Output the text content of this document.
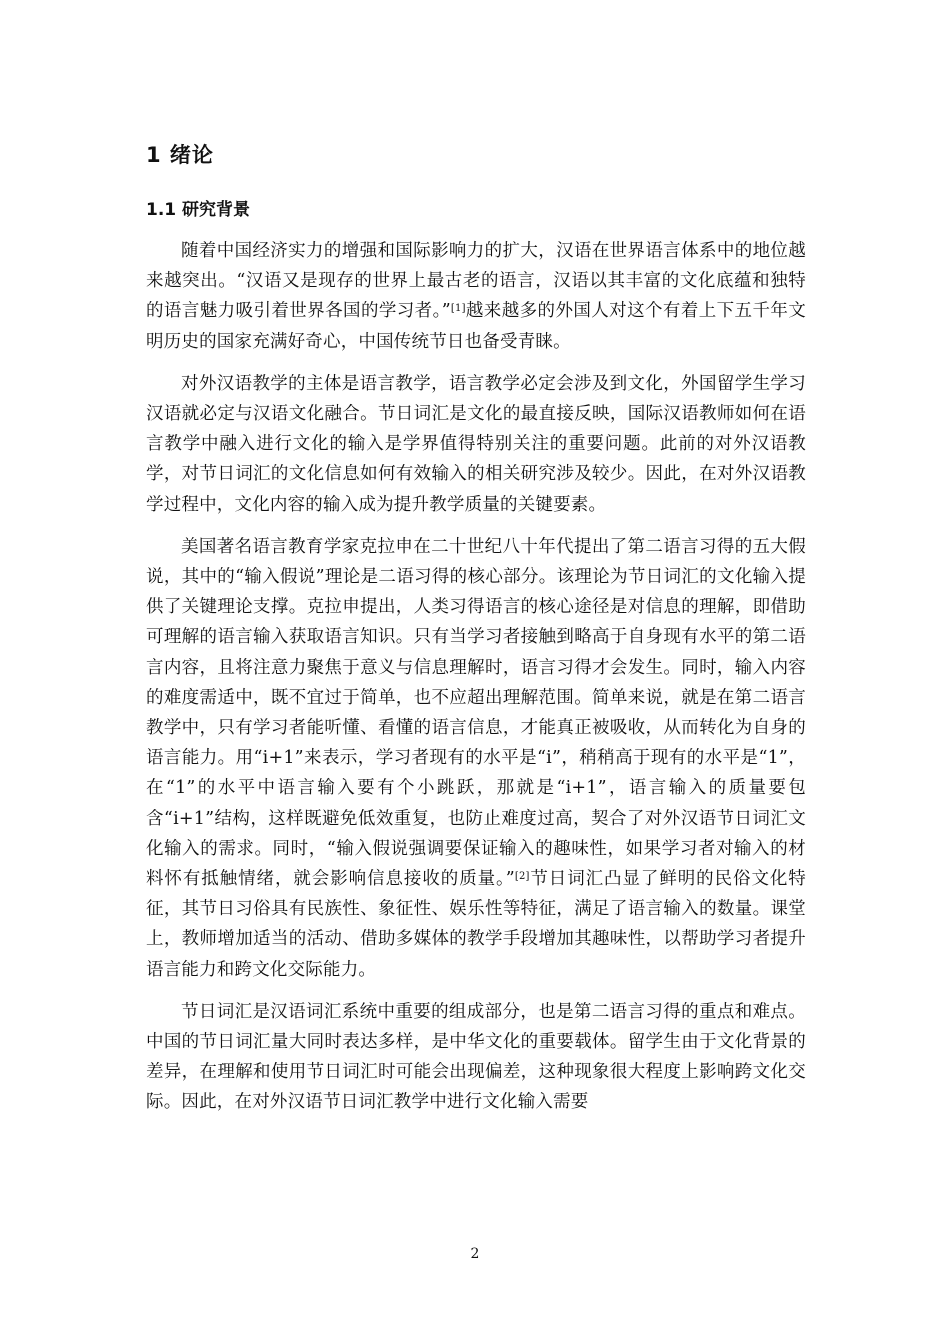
1 绪论
1.1 研究背景

随着中国经济实力的增强和国际影响力的扩大，汉语在世界语言体系中的地位越来越突出。“汉语又是现存的世界上最古老的语言，汉语以其丰富的文化底蕴和独特的语言魅力吸引着世界各国的学习者。”[1]越来越多的外国人对这个有着上下五千年文明历史的国家充满好奇心，中国传统节日也备受青睐。

对外汉语教学的主体是语言教学，语言教学必定会涉及到文化，外国留学生学习汉语就必定与汉语文化融合。节日词汇是文化的最直接反映，国际汉语教师如何在语言教学中融入进行文化的输入是学界值得特别关注的重要问题。此前的对外汉语教学，对节日词汇的文化信息如何有效输入的相关研究涉及较少。因此，在对外汉语教学过程中，文化内容的输入成为提升教学质量的关键要素。

美国著名语言教育学家克拉申在二十世纪八十年代提出了第二语言习得的五大假说，其中的“输入假说”理论是二语习得的核心部分。该理论为节日词汇的文化输入提供了关键理论支撑。克拉申提出，人类习得语言的核心途径是对信息的理解，即借助可理解的语言输入获取语言知识。只有当学习者接触到略高于自身现有水平的第二语言内容，且将注意力聚焦于意义与信息理解时，语言习得才会发生。同时，输入内容的难度需适中，既不宜过于简单，也不应超出理解范围。简单来说，就是在第二语言教学中，只有学习者能听懂、看懂的语言信息，才能真正被吸收，从而转化为自身的语言能力。用“i+1”来表示，学习者现有的水平是“i”，稍稍高于现有的水平是“1”，在“1”的水平中语言输入要有个小跳跃，那就是“i+1”，语言输入的质量要包含“i+1”结构，这样既避免低效重复，也防止难度过高，契合了对外汉语节日词汇文化输入的需求。同时，“输入假说强调要保证输入的趣味性，如果学习者对输入的材料怀有抵触情绪，就会影响信息接收的质量。”[2]节日词汇凸显了鲜明的民俗文化特征，其节日习俗具有民族性、象征性、娱乐性等特征，满足了语言输入的数量。课堂上，教师增加适当的活动、借助多媒体的教学手段增加其趣味性，以帮助学习者提升语言能力和跨文化交际能力。

节日词汇是汉语词汇系统中重要的组成部分，也是第二语言习得的重点和难点。中国的节日词汇量大同时表达多样，是中华文化的重要载体。留学生由于文化背景的差异，在理解和使用节日词汇时可能会出现偏差，这种现象很大程度上影响跨文化交际。因此，在对外汉语节日词汇教学中进行文化输入需要

2
